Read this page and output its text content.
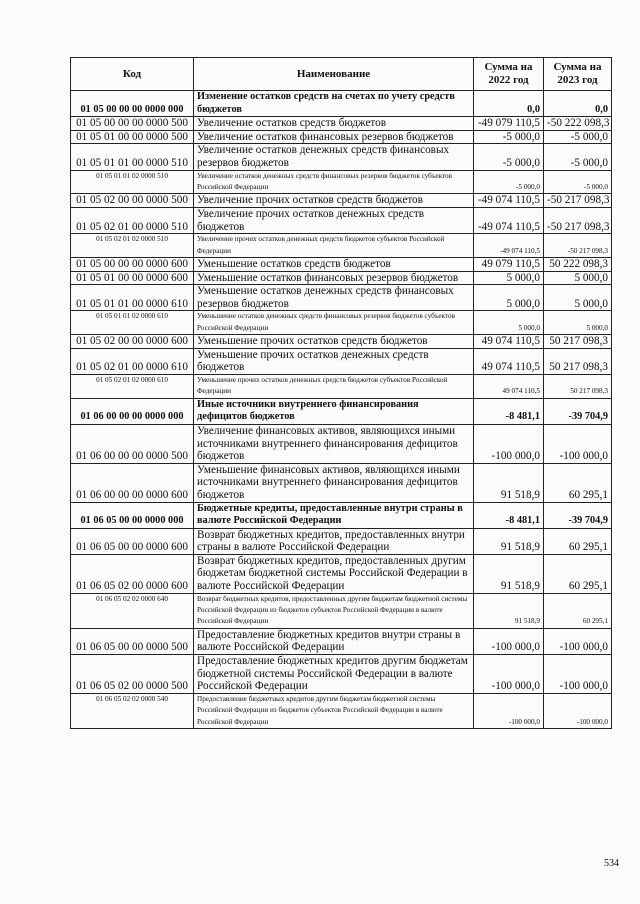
Код	Наименование	Сумма на 2022 год	Сумма на 2023 год
01 05 00 00 00 0000 000	Изменение остатков средств на счетах по учету средств бюджетов	0,0	0,0
01 05 00 00 00 0000 500	Увеличение остатков средств бюджетов	-49 079 110,5	-50 222 098,3
01 05 01 00 00 0000 500	Увеличение остатков финансовых резервов бюджетов	-5 000,0	-5 000,0
01 05 01 01 00 0000 510	Увеличение остатков денежных средств финансовых резервов бюджетов	-5 000,0	-5 000,0
01 05 01 01 02 0000 510	Увеличение остатков денежных средств финансовых резервов бюджетов субъектов Российской Федерации	-5 000,0	-5 000,0
01 05 02 00 00 0000 500	Увеличение прочих остатков средств бюджетов	-49 074 110,5	-50 217 098,3
01 05 02 01 00 0000 510	Увеличение прочих остатков денежных средств бюджетов	-49 074 110,5	-50 217 098,3
01 05 02 01 02 0000 510	Увеличение прочих остатков денежных средств бюджетов субъектов Российской Федерации	-49 074 110,5	-50 217 098,3
01 05 00 00 00 0000 600	Уменьшение остатков средств бюджетов	49 079 110,5	50 222 098,3
01 05 01 00 00 0000 600	Уменьшение остатков финансовых резервов бюджетов	5 000,0	5 000,0
01 05 01 01 00 0000 610	Уменьшение остатков денежных средств финансовых резервов бюджетов	5 000,0	5 000,0
01 05 01 01 02 0000 610	Уменьшение остатков денежных средств финансовых резервов бюджетов субъектов Российской Федерации	5 000,0	5 000,0
01 05 02 00 00 0000 600	Уменьшение прочих остатков средств бюджетов	49 074 110,5	50 217 098,3
01 05 02 01 00 0000 610	Уменьшение прочих остатков денежных средств бюджетов	49 074 110,5	50 217 098,3
01 05 02 01 02 0000 610	Уменьшение прочих остатков денежных средств бюджетов субъектов Российской Федерации	49 074 110,5	50 217 098,3
01 06 00 00 00 0000 000	Иные источники внутреннего финансирования дефицитов бюджетов	-8 481,1	-39 704,9
01 06 00 00 00 0000 500	Увеличение финансовых активов, являющихся иными источниками внутреннего финансирования дефицитов бюджетов	-100 000,0	-100 000,0
01 06 00 00 00 0000 600	Уменьшение финансовых активов, являющихся иными источниками внутреннего финансирования дефицитов бюджетов	91 518,9	60 295,1
01 06 05 00 00 0000 000	Бюджетные кредиты, предоставленные внутри страны в валюте Российской Федерации	-8 481,1	-39 704,9
01 06 05 00 00 0000 600	Возврат бюджетных кредитов, предоставленных внутри страны в валюте Российской Федерации	91 518,9	60 295,1
01 06 05 02 00 0000 600	Возврат бюджетных кредитов, предоставленных другим бюджетам бюджетной системы Российской Федерации в валюте Российской Федерации	91 518,9	60 295,1
01 06 05 02 02 0000 640	Возврат бюджетных кредитов, предоставленных другим бюджетам бюджетной системы Российской Федерации из бюджетов субъектов Российской Федерации в валюте Российской Федерации	91 518,9	60 295,1
01 06 05 00 00 0000 500	Предоставление бюджетных кредитов внутри страны в валюте Российской Федерации	-100 000,0	-100 000,0
01 06 05 02 00 0000 500	Предоставление бюджетных кредитов другим бюджетам бюджетной системы Российской Федерации в валюте Российской Федерации	-100 000,0	-100 000,0
01 06 05 02 02 0000 540	Предоставление бюджетных кредитов другим бюджетам бюджетной системы Российской Федерации из бюджетов субъектов Российской Федерации в валюте Российской Федерации	-100 000,0	-100 000,0
534
